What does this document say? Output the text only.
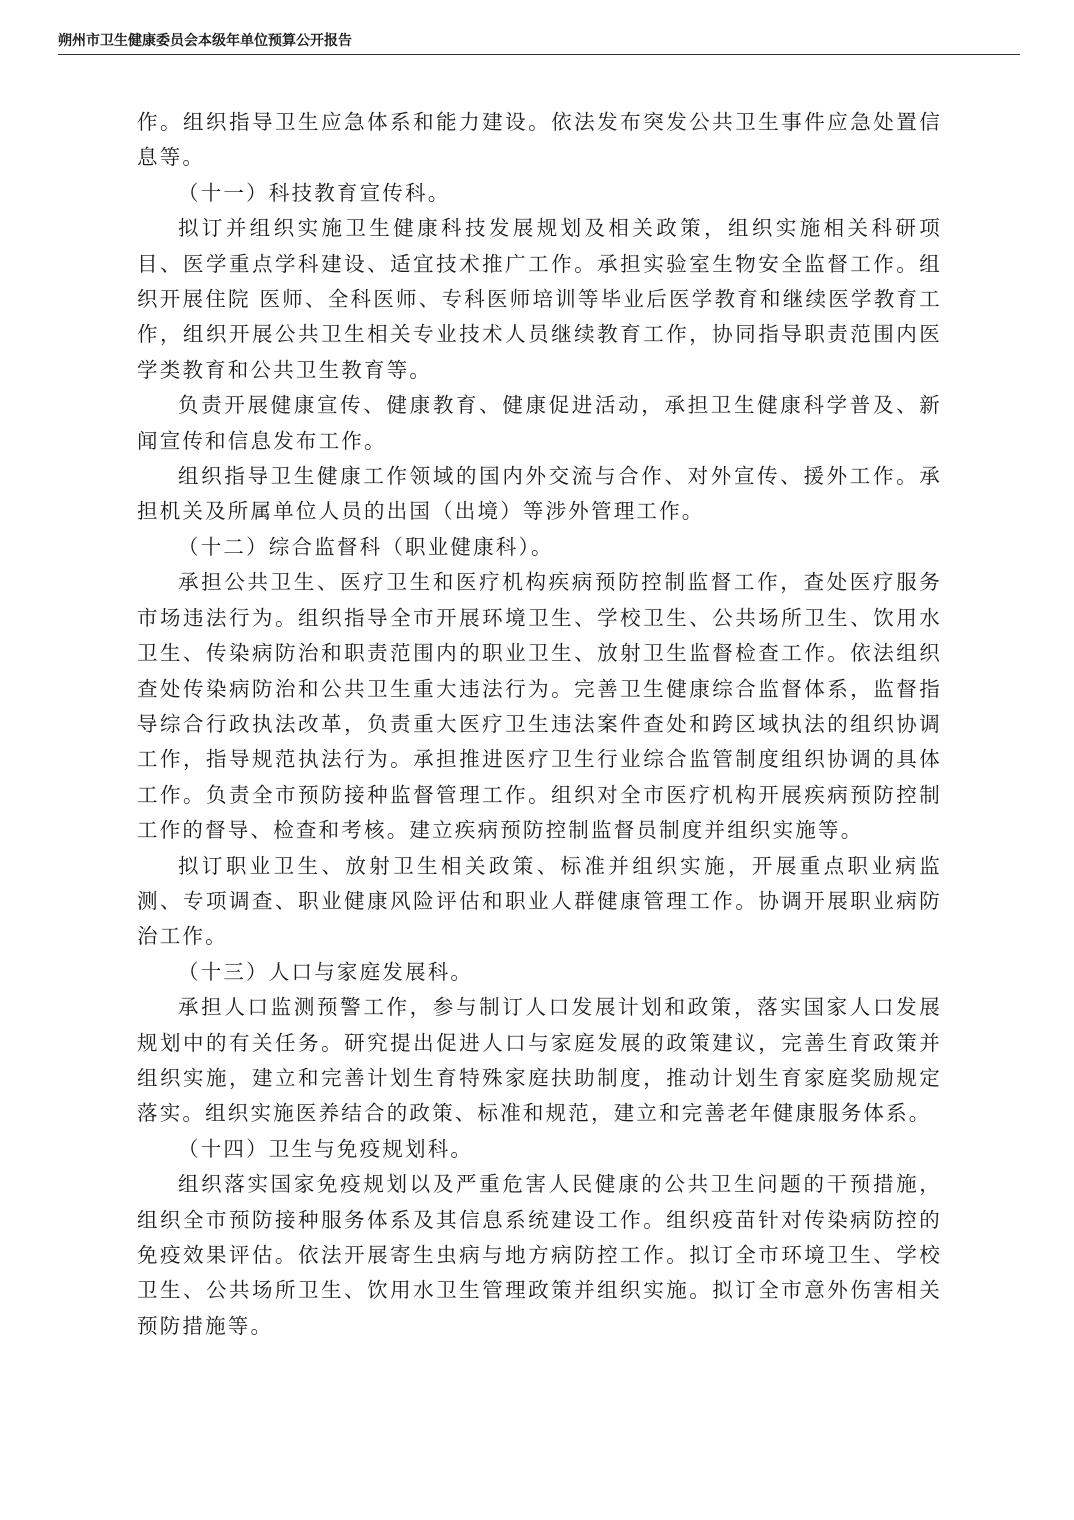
朔州市卫生健康委员会本级年单位预算公开报告

作。组织指导卫生应急体系和能力建设。依法发布突发公共卫生事件应急处置信息等。

（十一）科技教育宣传科。

拟订并组织实施卫生健康科技发展规划及相关政策，组织实施相关科研项目、医学重点学科建设、适宜技术推广工作。承担实验室生物安全监督工作。组织开展住院 医师、全科医师、专科医师培训等毕业后医学教育和继续医学教育工作，组织开展公共卫生相关专业技术人员继续教育工作，协同指导职责范围内医学类教育和公共卫生教育等。

负责开展健康宣传、健康教育、健康促进活动，承担卫生健康科学普及、新闻宣传和信息发布工作。

组织指导卫生健康工作领域的国内外交流与合作、对外宣传、援外工作。承担机关及所属单位人员的出国（出境）等涉外管理工作。

（十二）综合监督科（职业健康科）。

承担公共卫生、医疗卫生和医疗机构疾病预防控制监督工作，查处医疗服务市场违法行为。组织指导全市开展环境卫生、学校卫生、公共场所卫生、饮用水卫生、传染病防治和职责范围内的职业卫生、放射卫生监督检查工作。依法组织查处传染病防治和公共卫生重大违法行为。完善卫生健康综合监督体系，监督指导综合行政执法改革，负责重大医疗卫生违法案件查处和跨区域执法的组织协调工作，指导规范执法行为。承担推进医疗卫生行业综合监管制度组织协调的具体工作。负责全市预防接种监督管理工作。组织对全市医疗机构开展疾病预防控制工作的督导、检查和考核。建立疾病预防控制监督员制度并组织实施等。

拟订职业卫生、放射卫生相关政策、标准并组织实施，开展重点职业病监测、专项调查、职业健康风险评估和职业人群健康管理工作。协调开展职业病防治工作。

（十三）人口与家庭发展科。

承担人口监测预警工作，参与制订人口发展计划和政策，落实国家人口发展规划中的有关任务。研究提出促进人口与家庭发展的政策建议，完善生育政策并组织实施，建立和完善计划生育特殊家庭扶助制度，推动计划生育家庭奖励规定落实。组织实施医养结合的政策、标准和规范，建立和完善老年健康服务体系。

（十四）卫生与免疫规划科。

组织落实国家免疫规划以及严重危害人民健康的公共卫生问题的干预措施，组织全市预防接种服务体系及其信息系统建设工作。组织疫苗针对传染病防控的免疫效果评估。依法开展寄生虫病与地方病防控工作。拟订全市环境卫生、学校卫生、公共场所卫生、饮用水卫生管理政策并组织实施。拟订全市意外伤害相关预防措施等。
